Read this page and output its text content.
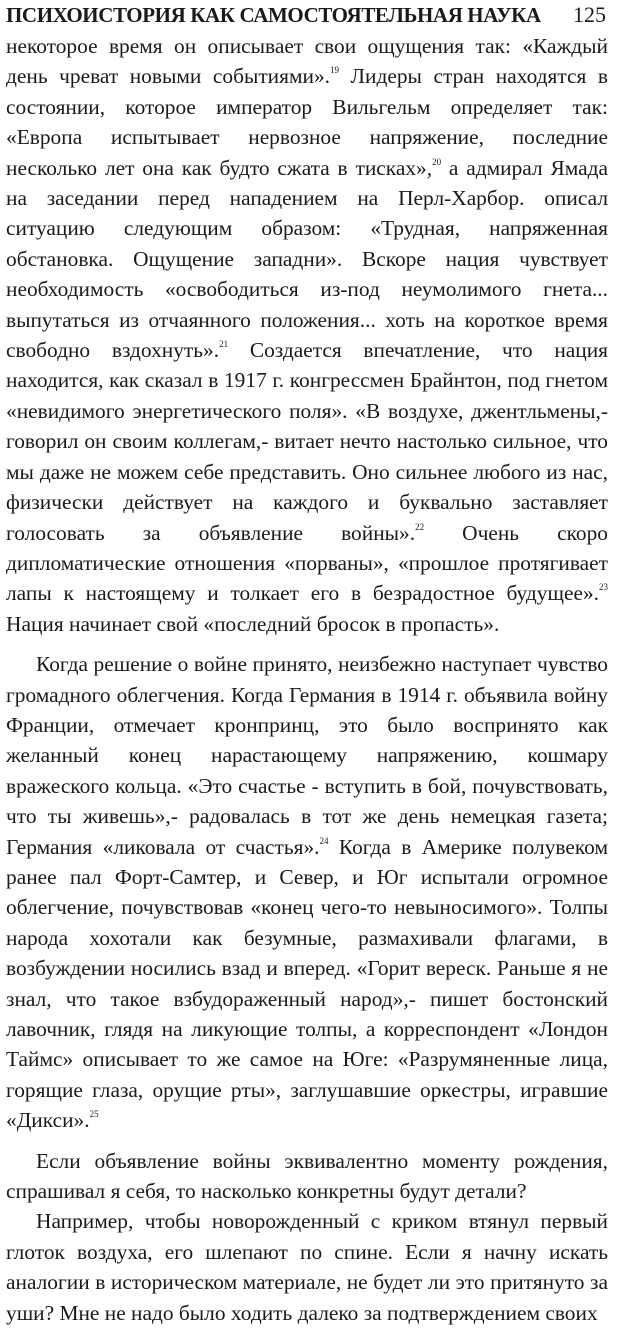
ПСИХОИСТОРИЯ КАК САМОСТОЯТЕЛЬНАЯ НАУКА 125

некоторое время он описывает свои ощущения так: «Каждый день чреват новыми событиями».$^{19}$ Лидеры стран находятся в состоянии, которое император Вильгельм определяет так: «Европа испытывает нервозное напряжение, последние несколько лет она как будто сжата в тисках»,$^{20}$ а адмирал Ямада на заседании перед нападением на Перл-Харбор. описал ситуацию следующим образом: «Трудная, напряженная обстановка. Ощущение западни». Вскоре нация чувствует необходимость «освободиться из-под неумолимого гнета... выпутаться из отчаянного положения... хоть на короткое время свободно вздохнуть».$^{21}$ Создается впечатление, что нация находится, как сказал в 1917 г. конгрессмен Брайнтон, под гнетом «невидимого энергетического поля». «В воздухе, джентльмены,- говорил он своим коллегам,- витает нечто настолько сильное, что мы даже не можем себе представить. Оно сильнее любого из нас, физически действует на каждого и буквально заставляет голосовать за объявление войны».$^{22}$ Очень скоро дипломатические отношения «порваны», «прошлое протягивает лапы к настоящему и толкает его в безрадостное будущее».$^{23}$ Нация начинает свой «последний бросок в пропасть».

Когда решение о войне принято, неизбежно наступает чувство громадного облегчения. Когда Германия в 1914 г. объявила войну Франции, отмечает кронпринц, это было воспринято как желанный конец нарастающему напряжению, кошмару вражеского кольца. «Это счастье - вступить в бой, почувствовать, что ты живешь»,- радовалась в тот же день немецкая газета; Германия «ликовала от счастья».$^{24}$ Когда в Америке полувеком ранее пал Форт-Самтер, и Север, и Юг испытали огромное облегчение, почувствовав «конец чего-то невыносимого». Толпы народа хохотали как безумные, размахивали флагами, в возбуждении носились взад и вперед. «Горит вереск. Раньше я не знал, что такое взбудораженный народ»,- пишет бостонский лавочник, глядя на ликующие толпы, а корреспондент «Лондон Таймс» описывает то же самое на Юге: «Разрумяненные лица, горящие глаза, орущие рты», заглушавшие оркестры, игравшие «Дикси».$^{25}$

Если объявление войны эквивалентно моменту рождения, спрашивал я себя, то насколько конкретны будут детали?

Например, чтобы новорожденный с криком втянул первый глоток воздуха, его шлепают по спине. Если я начну искать аналогии в историческом материале, не будет ли это притянуто за уши? Мне не надо было ходить далеко за подтверждением своих
